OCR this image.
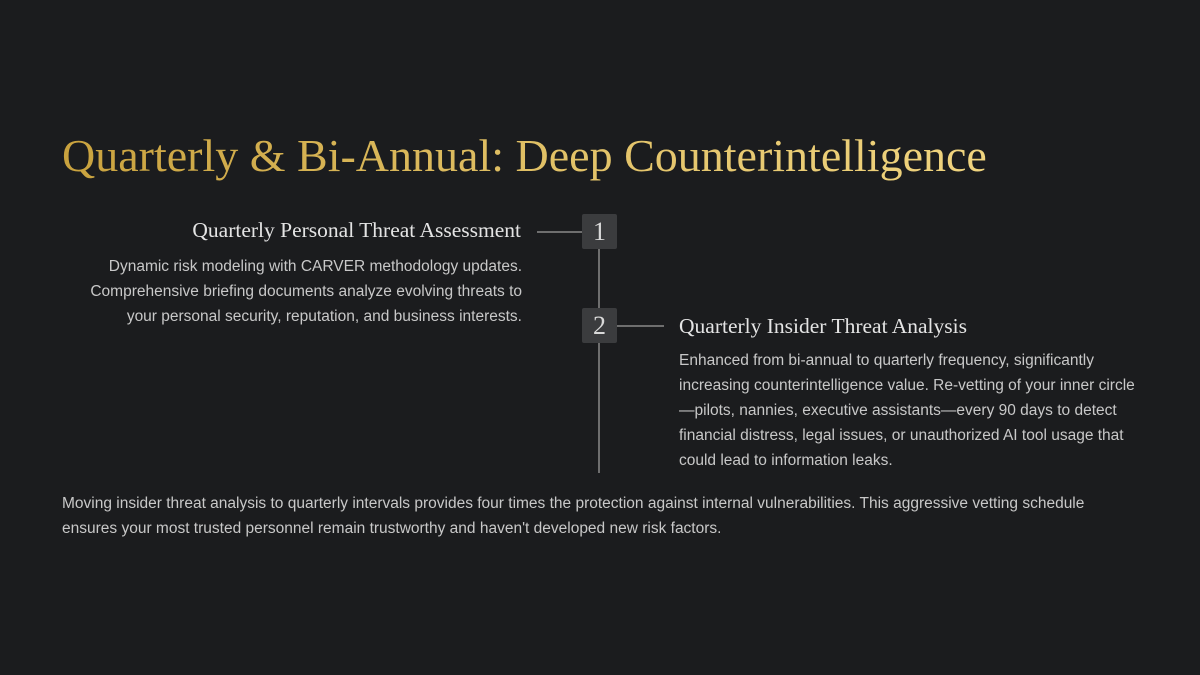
Quarterly & Bi-Annual: Deep Counterintelligence
1
2
Quarterly Personal Threat Assessment

Dynamic risk modeling with CARVER methodology updates. Comprehensive briefing documents analyze evolving threats to your personal security, reputation, and business interests.	Quarterly Insider Threat Analysis

Enhanced from bi-annual to quarterly frequency, significantly increasing counterintelligence value. Re-vetting of your inner circle—pilots, nannies, executive assistants—every 90 days to detect financial distress, legal issues, or unauthorized AI tool usage that could lead to information leaks.

Moving insider threat analysis to quarterly intervals provides four times the protection against internal vulnerabilities. This aggressive vetting schedule ensures your most trusted personnel remain trustworthy and haven't developed new risk factors.
